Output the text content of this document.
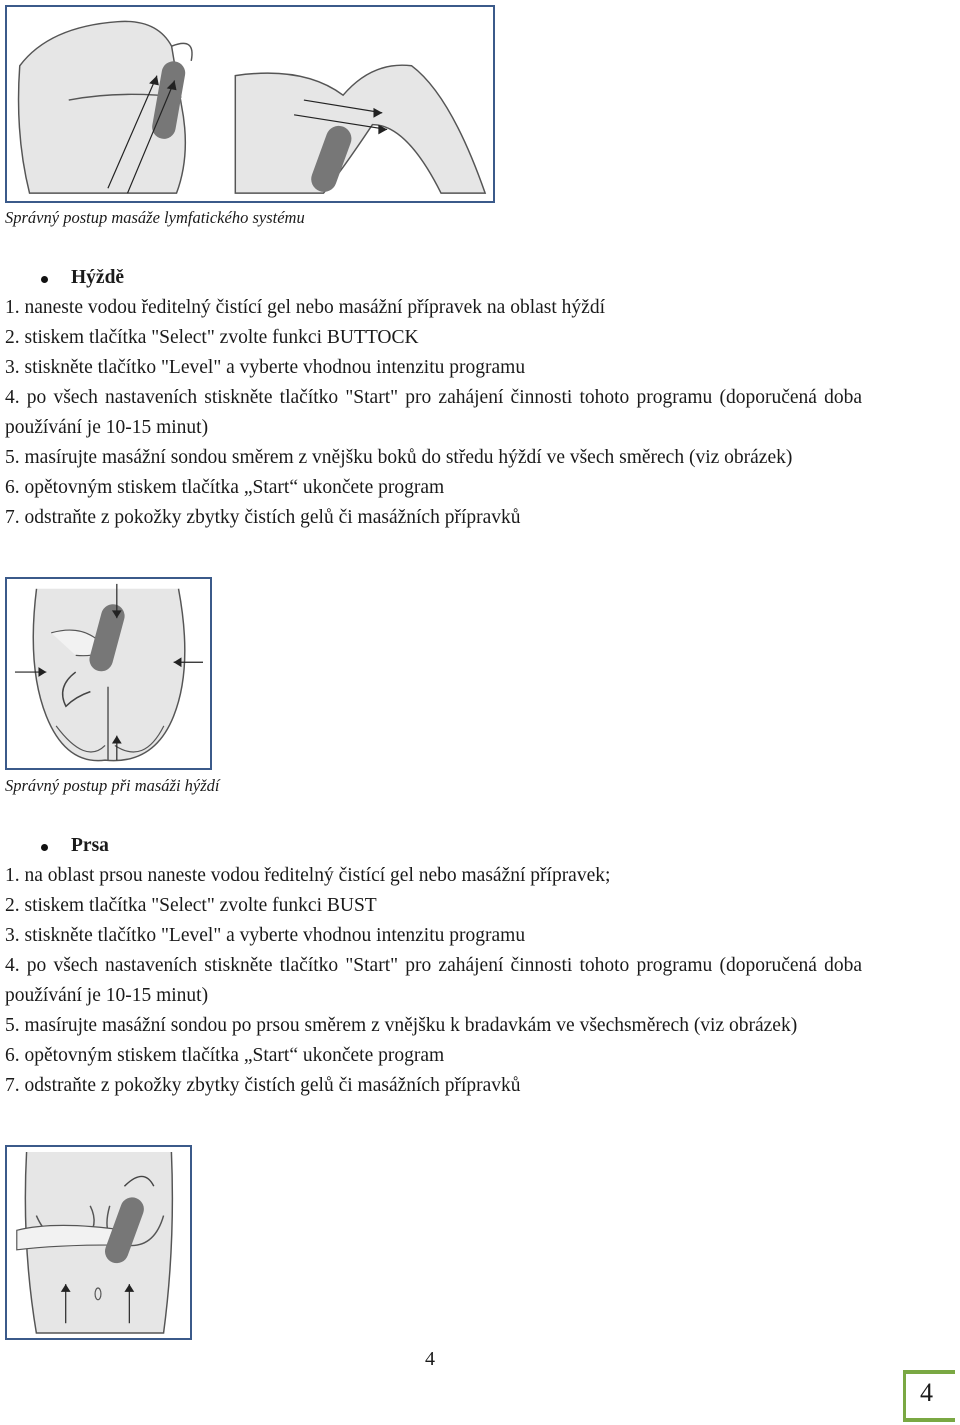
Správný postup masáže lymfatického systému
Hýždě
1. naneste vodou ředitelný čistící gel nebo masážní přípravek na oblast hýždí
2. stiskem tlačítka "Select" zvolte funkci BUTTOCK
3. stiskněte tlačítko "Level" a vyberte vhodnou intenzitu programu
4. po všech nastaveních stiskněte tlačítko "Start" pro zahájení činnosti tohoto programu (doporučená doba používání je 10-15 minut)
5. masírujte masážní sondou směrem z vnějšku boků do středu hýždí ve všech směrech (viz obrázek)
6. opětovným stiskem tlačítka „Start“ ukončete program
7. odstraňte z pokožky zbytky čistích gelů či masážních přípravků
Správný postup při masáži hýždí
Prsa
1. na oblast prsou naneste vodou ředitelný čistící gel nebo masážní přípravek;
2. stiskem tlačítka "Select" zvolte funkci BUST
3. stiskněte tlačítko "Level" a vyberte vhodnou intenzitu programu
4. po všech nastaveních stiskněte tlačítko "Start" pro zahájení činnosti tohoto programu (doporučená doba používání je 10-15 minut)
5. masírujte masážní sondou po prsou směrem z vnějšku k bradavkám ve všechsměrech (viz obrázek)
6. opětovným stiskem tlačítka „Start“ ukončete program
7. odstraňte z pokožky zbytky čistích gelů či masážních přípravků
4
4
